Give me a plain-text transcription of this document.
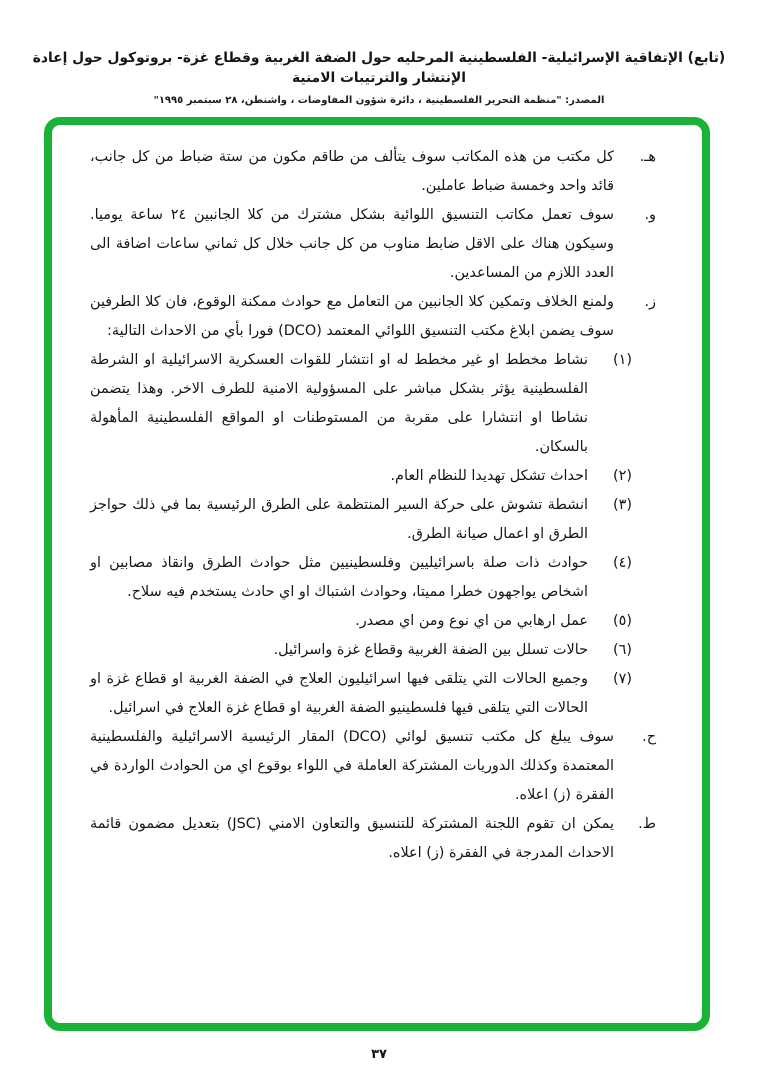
(تابع) الإتفاقية الإسرائيلية- الفلسطينية المرحليه حول الضفة الغربية وقطاع غزة- بروتوكول حول إعادة الإنتشار والترتيبات الامنية
المصدر: "منظمة التحرير الفلسطينية ، دائرة شؤون المفاوضات ، واشنطن، ٢٨ سبتمبر ١٩٩٥"
هـ.
كل مكتب من هذه المكاتب سوف يتألف من طاقم مكون من ستة ضباط من كل جانب، قائد واحد وخمسة ضباط عاملين.
و.
سوف تعمل مكاتب التنسيق اللوائية بشكل مشترك من كلا الجانبين ٢٤ ساعة يوميا. وسيكون هناك على الاقل ضابط مناوب من كل جانب خلال كل ثماني ساعات اضافة الى العدد اللازم من المساعدين.
ز.
ولمنع الخلاف وتمكين كلا الجانبين من التعامل مع حوادث ممكنة الوقوع، فان كلا الطرفين سوف يضمن ابلاغ مكتب التنسيق اللوائي المعتمد (DCO) فورا بأي من الاحداث التالية:
(١)
نشاط مخطط او غير مخطط له او انتشار للقوات العسكرية الاسرائيلية او الشرطة الفلسطينية يؤثر بشكل مباشر على المسؤولية الامنية للطرف الاخر. وهذا يتضمن نشاطا او انتشارا على مقربة من المستوطنات او المواقع الفلسطينية المأهولة بالسكان.
(٢)
احداث تشكل تهديدا للنظام العام.
(٣)
انشطة تشوش على حركة السير المنتظمة على الطرق الرئيسية بما في ذلك حواجز الطرق او اعمال صيانة الطرق.
(٤)
حوادث ذات صلة باسرائيليين وفلسطينيين مثل حوادث الطرق وانقاذ مصابين او اشخاص يواجهون خطرا مميتا، وحوادث اشتباك او اي حادث يستخدم فيه سلاح.
(٥)
عمل ارهابي من اي نوع ومن اي مصدر.
(٦)
حالات تسلل بين الضفة الغربية وقطاع غزة واسرائيل.
(٧)
وجميع الحالات التي يتلقى فيها اسرائيليون العلاج في الضفة الغربية او قطاع غزة او الحالات التي يتلقى فيها فلسطينيو الضفة الغربية او قطاع غزة العلاج في اسرائيل.
ح.
سوف يبلغ كل مكتب تنسيق لوائي (DCO) المقار الرئيسية الاسرائيلية والفلسطينية المعتمدة وكذلك الدوريات المشتركة العاملة في اللواء بوقوع اي من الحوادث الواردة في الفقرة (ز) اعلاه.
ط.
يمكن ان تقوم اللجنة المشتركة للتنسيق والتعاون الامني (JSC) بتعديل مضمون قائمة الاحداث المدرجة في الفقرة (ز) اعلاه.
٣٧
